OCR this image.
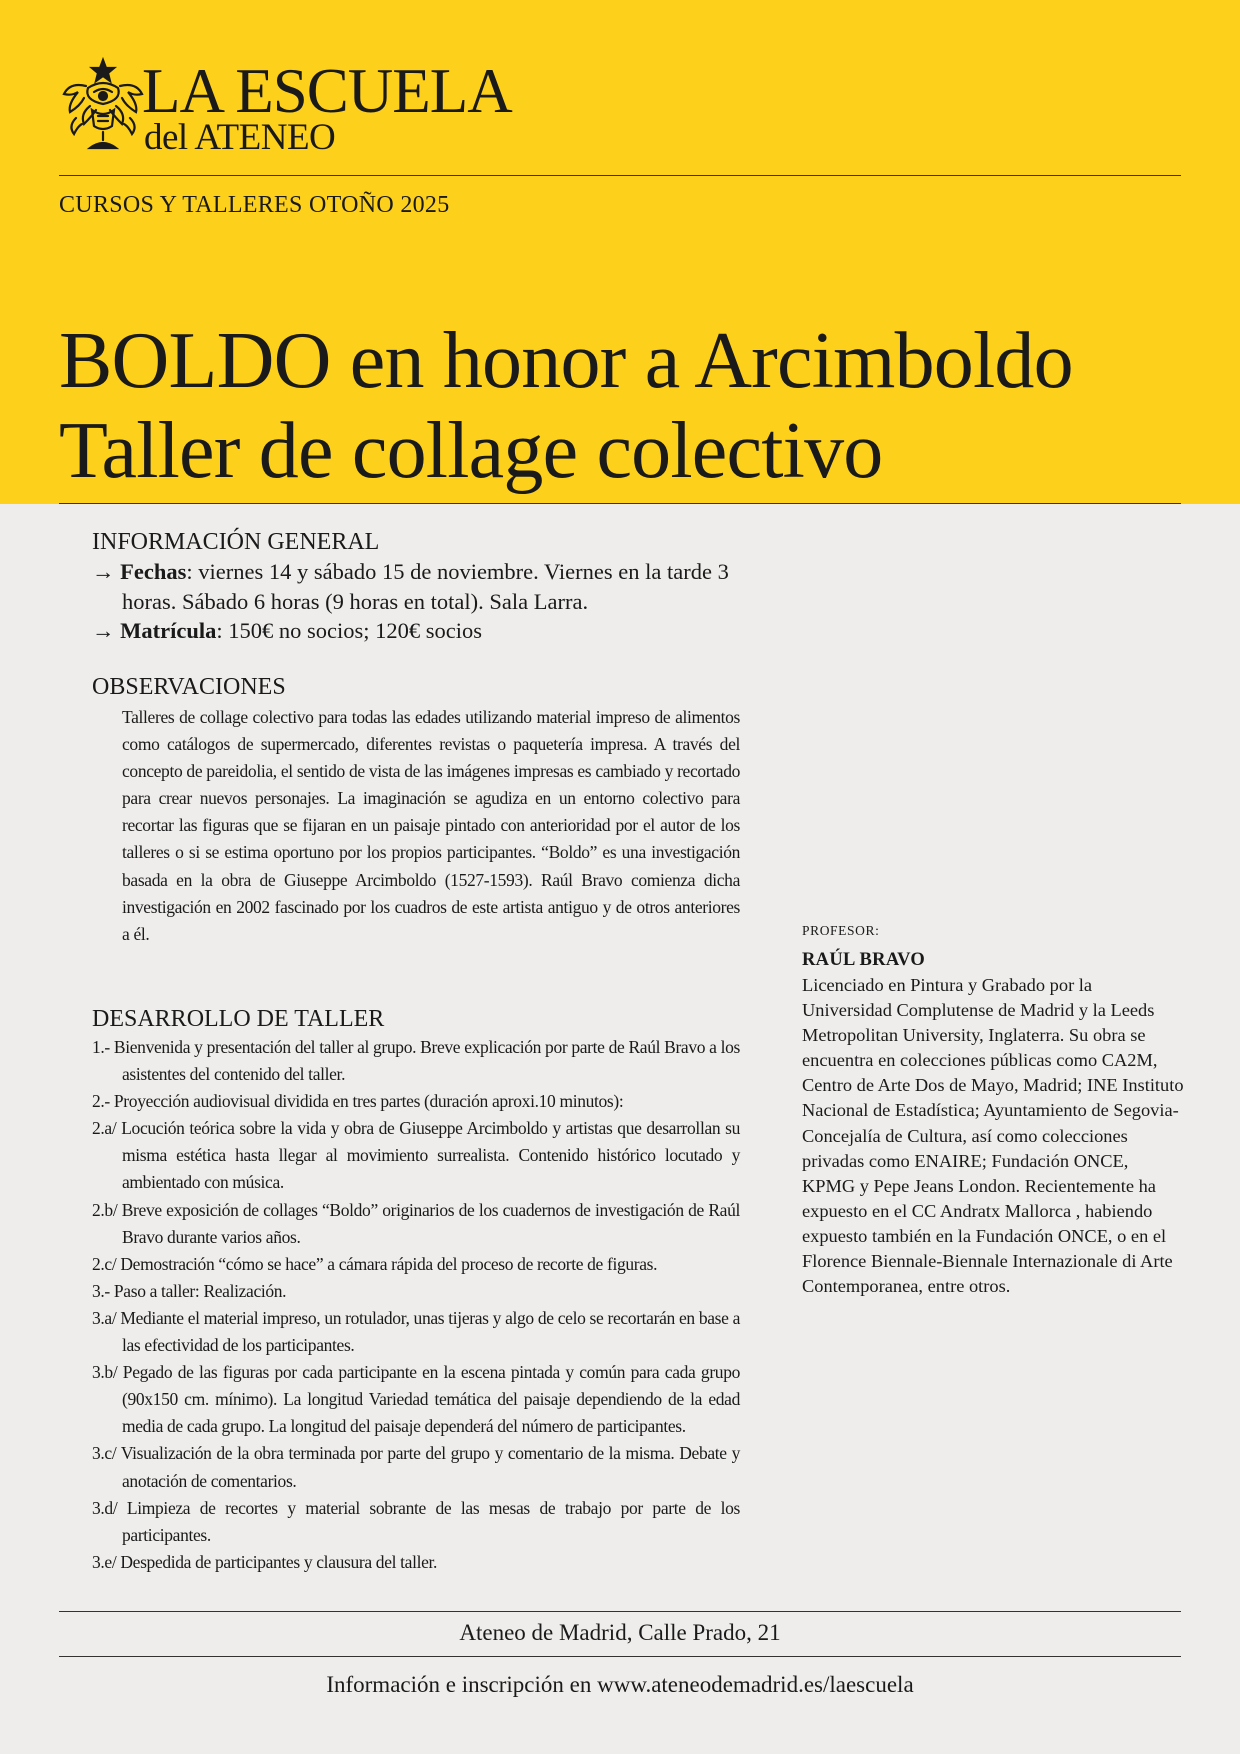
LA ESCUELA
del ATENEO
CURSOS Y TALLERES OTOÑO 2025
BOLDO en honor a Arcimboldo
Taller de collage colectivo
INFORMACIÓN GENERAL
→ Fechas: viernes 14 y sábado 15 de noviembre. Viernes en la tarde 3 horas. Sábado 6 horas (9 horas en total). Sala Larra.
→ Matrícula: 150€ no socios; 120€ socios
OBSERVACIONES
Talleres de collage colectivo para todas las edades utilizando material impreso de alimentos como catálogos de supermercado, diferentes revistas o paquetería impresa. A través del concepto de pareidolia, el sentido de vista de las imágenes impresas es cambiado y recortado para crear nuevos personajes. La imaginación se agudiza en un entorno colectivo para recortar las figuras que se fijaran en un paisaje pintado con anterioridad por el autor de los talleres o si se estima oportuno por los propios participantes. “Boldo” es una investigación basada en la obra de Giuseppe Arcimboldo (1527-1593). Raúl Bravo comienza dicha investigación en 2002 fascinado por los cuadros de este artista antiguo y de otros anteriores a él.
DESARROLLO DE TALLER
1.- Bienvenida y presentación del taller al grupo. Breve explicación por parte de Raúl Bravo a los asistentes del contenido del taller.
2.- Proyección audiovisual dividida en tres partes (duración aproxi.10 minutos):
2.a/ Locución teórica sobre la vida y obra de Giuseppe Arcimboldo y artistas que desarrollan su misma estética hasta llegar al movimiento surrealista. Contenido histórico locutado y ambientado con música.
2.b/ Breve exposición de collages “Boldo” originarios de los cuadernos de investigación de Raúl Bravo durante varios años.
2.c/ Demostración “cómo se hace” a cámara rápida del proceso de recorte de figuras.
3.- Paso a taller: Realización.
3.a/ Mediante el material impreso, un rotulador, unas tijeras y algo de celo se recortarán en base a las efectividad de los participantes.
3.b/ Pegado de las figuras por cada participante en la escena pintada y común para cada grupo (90x150 cm. mínimo). La longitud Variedad temática del paisaje dependiendo de la edad media de cada grupo. La longitud del paisaje dependerá del número de participantes.
3.c/ Visualización de la obra terminada por parte del grupo y comentario de la misma. Debate y anotación de comentarios.
3.d/ Limpieza de recortes y material sobrante de las mesas de trabajo por parte de los participantes.
3.e/ Despedida de participantes y clausura del taller.
PROFESOR:
RAÚL BRAVO
Licenciado en Pintura y Grabado por la Universidad Complutense de Madrid y la Leeds Metropolitan University, Inglaterra. Su obra se encuentra en colecciones públicas como CA2M, Centro de Arte Dos de Mayo, Madrid; INE Instituto Nacional de Estadística; Ayuntamiento de Segovia-Concejalía de Cultura, así como colecciones privadas como ENAIRE; Fundación ONCE, KPMG y Pepe Jeans London. Recientemente ha expuesto en el CC Andratx Mallorca , habiendo expuesto también en la Fundación ONCE, o en el Florence Biennale-Biennale Internazionale di Arte Contemporanea, entre otros.
Ateneo de Madrid, Calle Prado, 21
Información e inscripción en www.ateneodemadrid.es/laescuela
